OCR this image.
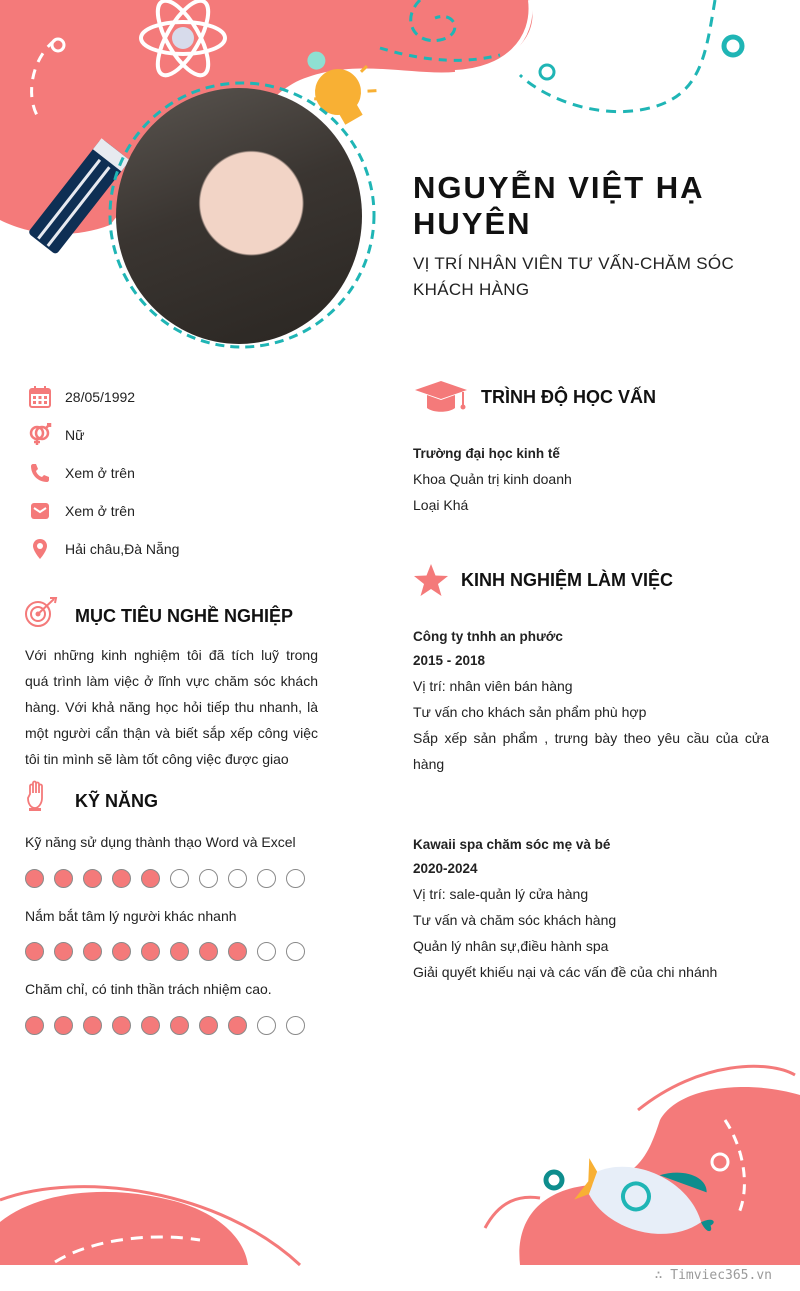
NGUYỄN VIỆT HẠ HUYÊN
VỊ TRÍ NHÂN VIÊN TƯ VẤN-CHĂM SÓC KHÁCH HÀNG
28/05/1992
Nữ
Xem ở trên
Xem ở trên
Hải châu,Đà Nẵng
MỤC TIÊU NGHỀ NGHIỆP
Với những kinh nghiệm tôi đã tích luỹ trong quá trình làm việc ở lĩnh vực chăm sóc khách hàng. Với khả năng học hỏi tiếp thu nhanh, là một người cẩn thận và biết sắp xếp công việc tôi tin mình sẽ làm tốt công việc được giao
KỸ NĂNG
Kỹ năng sử dụng thành thạo Word và Excel
Nắm bắt tâm lý người khác nhanh
Chăm chỉ, có tinh thần trách nhiệm cao.
TRÌNH ĐỘ HỌC VẤN
Trường đại học kinh tế
Khoa Quản trị kinh doanh
Loại Khá
KINH NGHIỆM LÀM VIỆC
Công ty tnhh an phước
2015 - 2018
Vị trí: nhân viên bán hàng
Tư vấn cho khách sản phẩm phù hợp
Sắp xếp sản phẩm , trưng bày theo yêu cầu của cửa hàng
Kawaii spa chăm sóc mẹ và bé
2020-2024
Vị trí: sale-quản lý cửa hàng
Tư vấn và chăm sóc khách hàng
Quản lý nhân sự,điều hành spa
Giải quyết khiếu nại và các vấn đề của chi nhánh
∴ Timviec365.vn
